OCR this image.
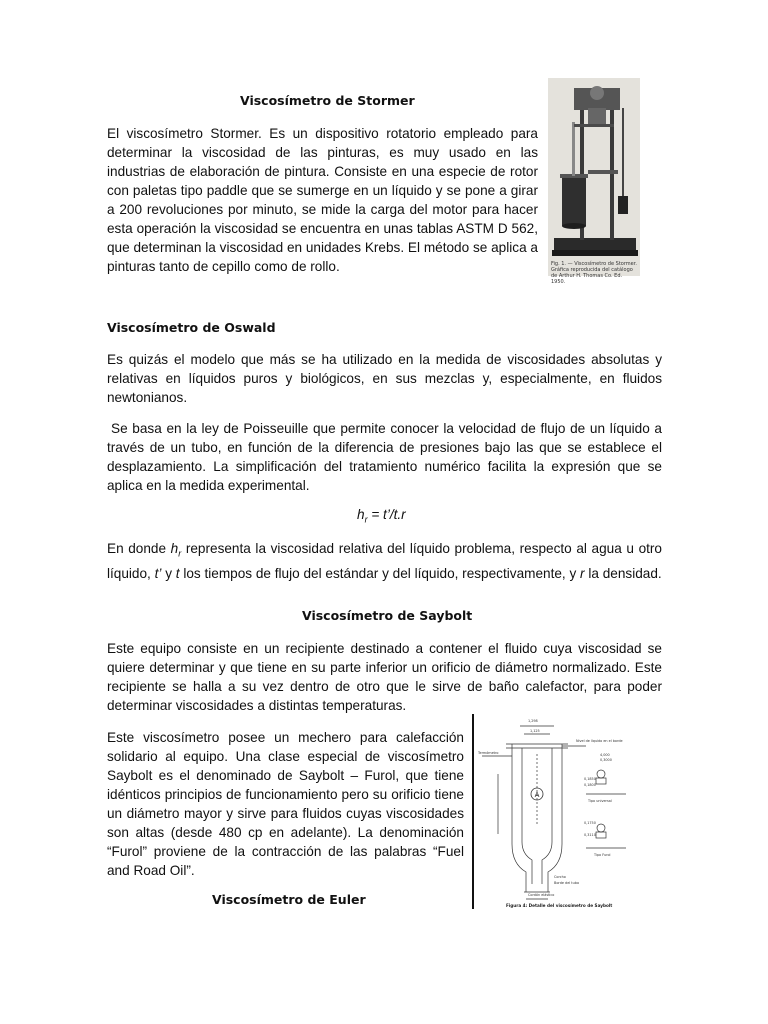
Viscosímetro de Stormer

El viscosímetro Stormer. Es un dispositivo rotatorio empleado para determinar la viscosidad de las pinturas, es muy usado en las industrias de elaboración de pintura. Consiste en una especie de rotor con paletas tipo paddle que se sumerge en un líquido y se pone a girar a 200 revoluciones por minuto, se mide la carga del motor para hacer esta operación la viscosidad se encuentra en unas tablas ASTM D 562, que determinan la viscosidad en unidades Krebs. El método se aplica a pinturas tanto de cepillo como de rollo.	Fig. 1. — Viscosímetro de Stormer. Gráfica reproducida del catálogo de Arthur H. Thomas Co. Ed. 1950.
Viscosímetro de Oswald

Es quizás el modelo que más se ha utilizado en la medida de viscosidades absolutas y relativas en líquidos puros y biológicos, en sus mezclas y, especialmente, en fluidos newtonianos.

Se basa en la ley de Poisseuille que permite conocer la velocidad de flujo de un líquido a través de un tubo, en función de la diferencia de presiones bajo las que se establece el desplazamiento. La simplificación del tratamiento numérico facilita la expresión que se aplica en la medida experimental.

$h_r$ = t’/t.r

En donde $h_r$ representa la viscosidad relativa del líquido problema, respecto al agua u otro líquido, t’ y t los tiempos de flujo del estándar y del líquido, respectivamente, y r la densidad.

Viscosímetro de Saybolt

Este equipo consiste en un recipiente destinado a contener el fluido cuya viscosidad se quiere determinar y que tiene en su parte inferior un orificio de diámetro normalizado. Este recipiente se halla a su vez dentro de otro que le sirve de baño calefactor, para poder determinar viscosidades a distintas temperaturas.

Este viscosímetro posee un mechero para calefacción solidario al equipo. Una clase especial de viscosímetro Saybolt es el denominado de Saybolt – Furol, que tiene idénticos principios de funcionamiento pero su orificio tiene un diámetro mayor y sirve para fluidos cuyas viscosidades son altas (desde 480 cp en adelante). La denominación “Furol” proviene de la contracción de las palabras “Fuel and Road Oil”.

Viscosímetro de Euler
A
1,298
1,125
Nivel de líquido en el borde
Termómetro	4,000
0,3000
0,1850
0,1800
Tipo universal
0,1750
0,3110
Tipo Furol
Corcho
Borde del tubo
Cordón elástico
Figura 4: Detalle del viscosímetro de Saybolt
